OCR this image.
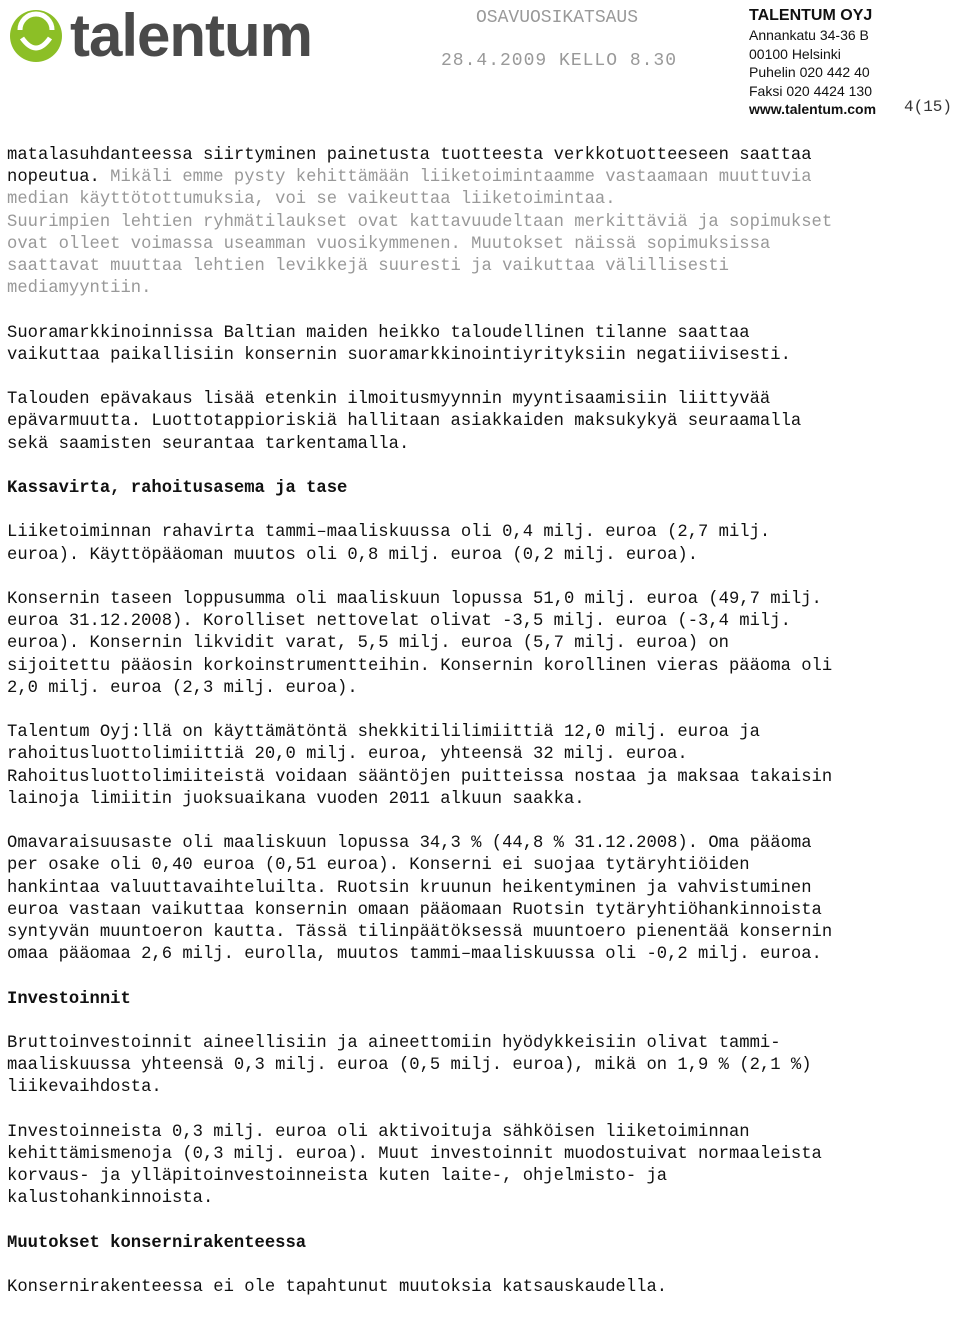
talentum	OSAVUOSIKATSAUS
28.4.2009 KELLO 8.30
TALENTUM OYJ
Annankatu 34-36 B
00100 Helsinki
Puhelin 020 442 40
Faksi 020 4424 130
www.talentum.com 4(15)

matalasuhdanteessa siirtyminen painetusta tuotteesta verkkotuotteeseen saattaa
nopeutua. Mikäli emme pysty kehittämään liiketoimintaamme vastaamaan muuttuvia
median käyttötottumuksia, voi se vaikeuttaa liiketoimintaa.
Suurimpien lehtien ryhmätilaukset ovat kattavuudeltaan merkittäviä ja sopimukset
ovat olleet voimassa useamman vuosikymmenen. Muutokset näissä sopimuksissa
saattavat muuttaa lehtien levikkejä suuresti ja vaikuttaa välillisesti
mediamyyntiin.

Suoramarkkinoinnissa Baltian maiden heikko taloudellinen tilanne saattaa
vaikuttaa paikallisiin konsernin suoramarkkinointiyrityksiin negatiivisesti.

Talouden epävakaus lisää etenkin ilmoitusmyynnin myyntisaamisiin liittyvää
epävarmuutta. Luottotappioriskiä hallitaan asiakkaiden maksukykyä seuraamalla
sekä saamisten seurantaa tarkentamalla.

Kassavirta, rahoitusasema ja tase

Liiketoiminnan rahavirta tammi–maaliskuussa oli 0,4 milj. euroa (2,7 milj.
euroa). Käyttöpääoman muutos oli 0,8 milj. euroa (0,2 milj. euroa).

Konsernin taseen loppusumma oli maaliskuun lopussa 51,0 milj. euroa (49,7 milj.
euroa 31.12.2008). Korolliset nettovelat olivat -3,5 milj. euroa (-3,4 milj.
euroa). Konsernin likvidit varat, 5,5 milj. euroa (5,7 milj. euroa) on
sijoitettu pääosin korkoinstrumentteihin. Konsernin korollinen vieras pääoma oli
2,0 milj. euroa (2,3 milj. euroa).

Talentum Oyj:llä on käyttämätöntä shekkitililimiittiä 12,0 milj. euroa ja
rahoitusluottolimiittiä 20,0 milj. euroa, yhteensä 32 milj. euroa.
Rahoitusluottolimiiteistä voidaan sääntöjen puitteissa nostaa ja maksaa takaisin
lainoja limiitin juoksuaikana vuoden 2011 alkuun saakka.

Omavaraisuusaste oli maaliskuun lopussa 34,3 % (44,8 % 31.12.2008). Oma pääoma
per osake oli 0,40 euroa (0,51 euroa). Konserni ei suojaa tytäryhtiöiden
hankintaa valuuttavaihteluilta. Ruotsin kruunun heikentyminen ja vahvistuminen
euroa vastaan vaikuttaa konsernin omaan pääomaan Ruotsin tytäryhtiöhankinnoista
syntyvän muuntoeron kautta. Tässä tilinpäätöksessä muuntoero pienentää konsernin
omaa pääomaa 2,6 milj. eurolla, muutos tammi–maaliskuussa oli -0,2 milj. euroa.

Investoinnit

Bruttoinvestoinnit aineellisiin ja aineettomiin hyödykkeisiin olivat tammi-
maaliskuussa yhteensä 0,3 milj. euroa (0,5 milj. euroa), mikä on 1,9 % (2,1 %)
liikevaihdosta.

Investoinneista 0,3 milj. euroa oli aktivoituja sähköisen liiketoiminnan
kehittämismenoja (0,3 milj. euroa). Muut investoinnit muodostuivat normaaleista
korvaus- ja ylläpitoinvestoinneista kuten laite-, ohjelmisto- ja
kalustohankinnoista.

Muutokset konsernirakenteessa

Konsernirakenteessa ei ole tapahtunut muutoksia katsauskaudella.
